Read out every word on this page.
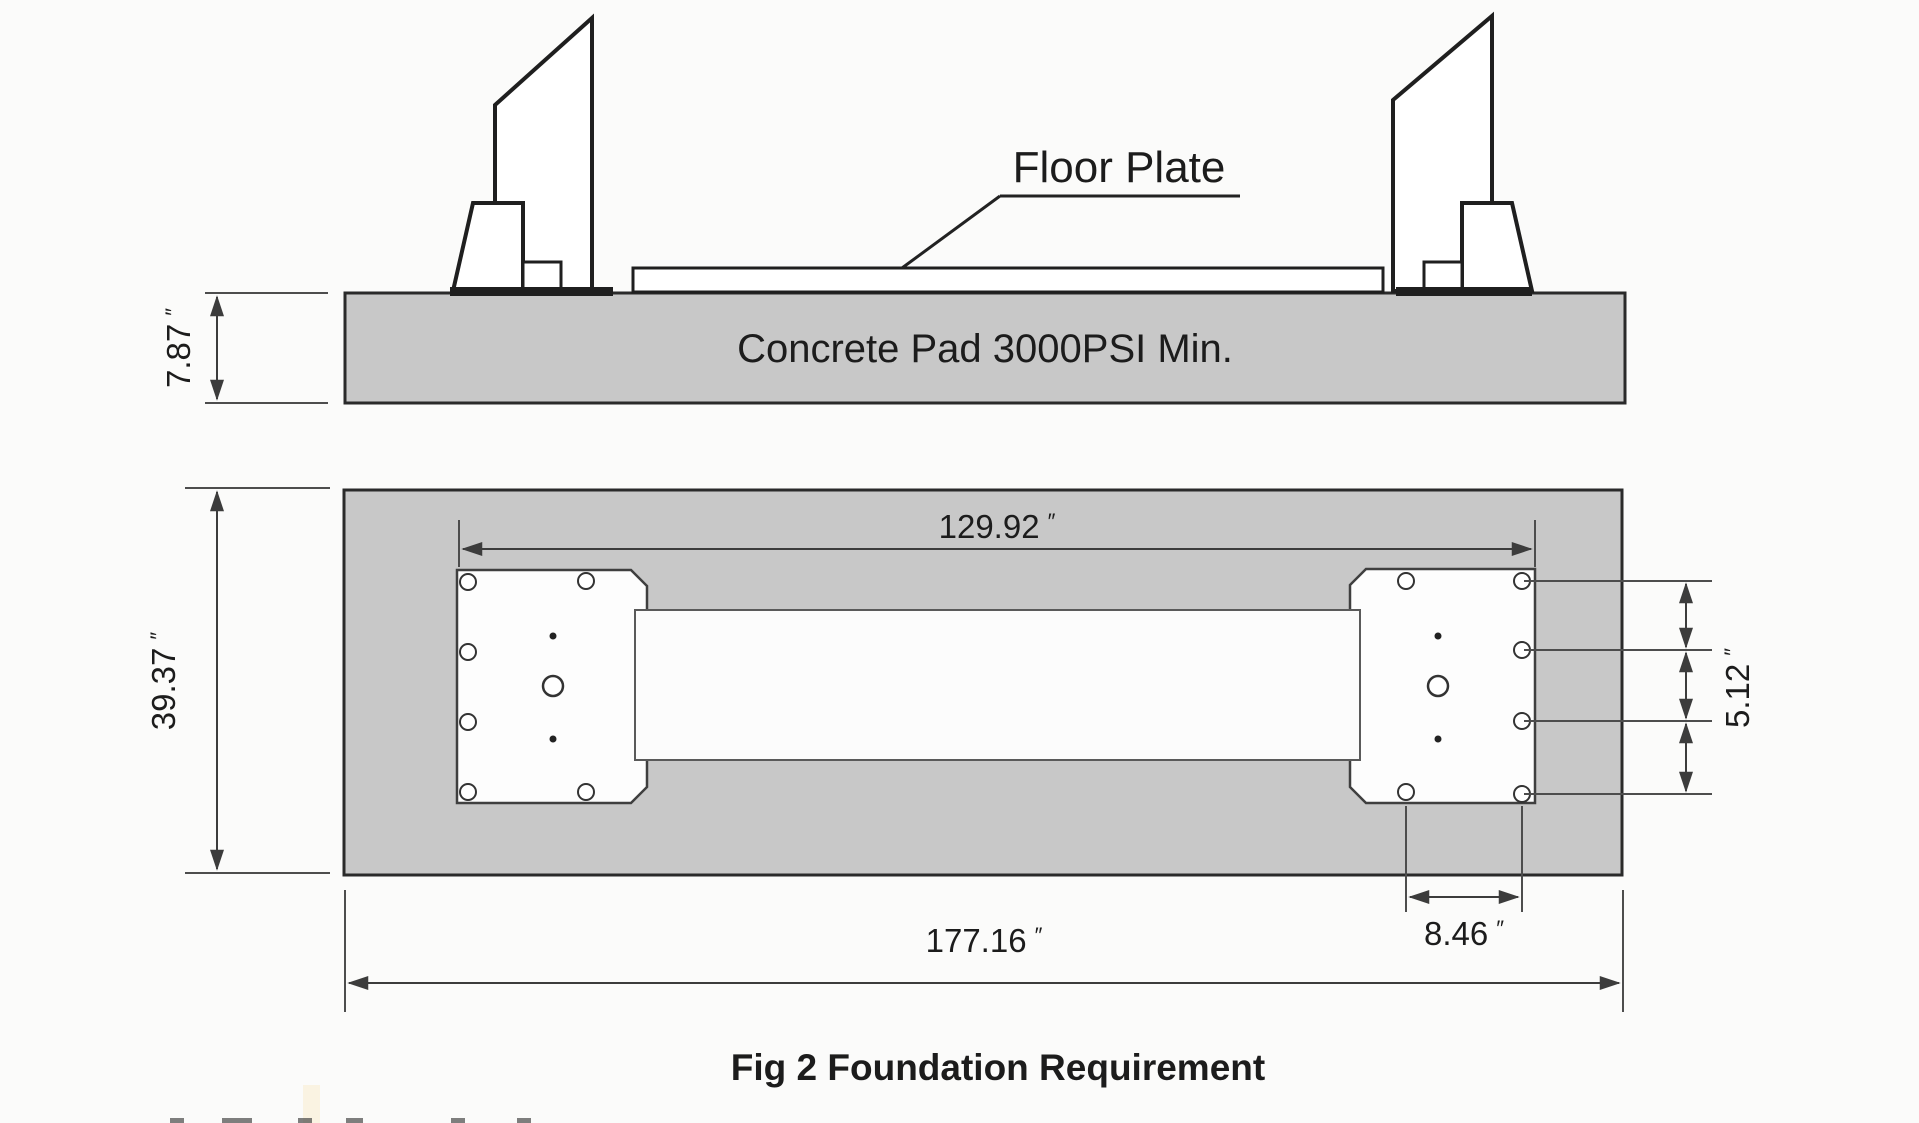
Concrete Pad 3000PSI Min.
Floor Plate
7.87″
129.92 ″
39.37″
5.12″
8.46 ″
177.16 ″
Fig 2 Foundation Requirement
